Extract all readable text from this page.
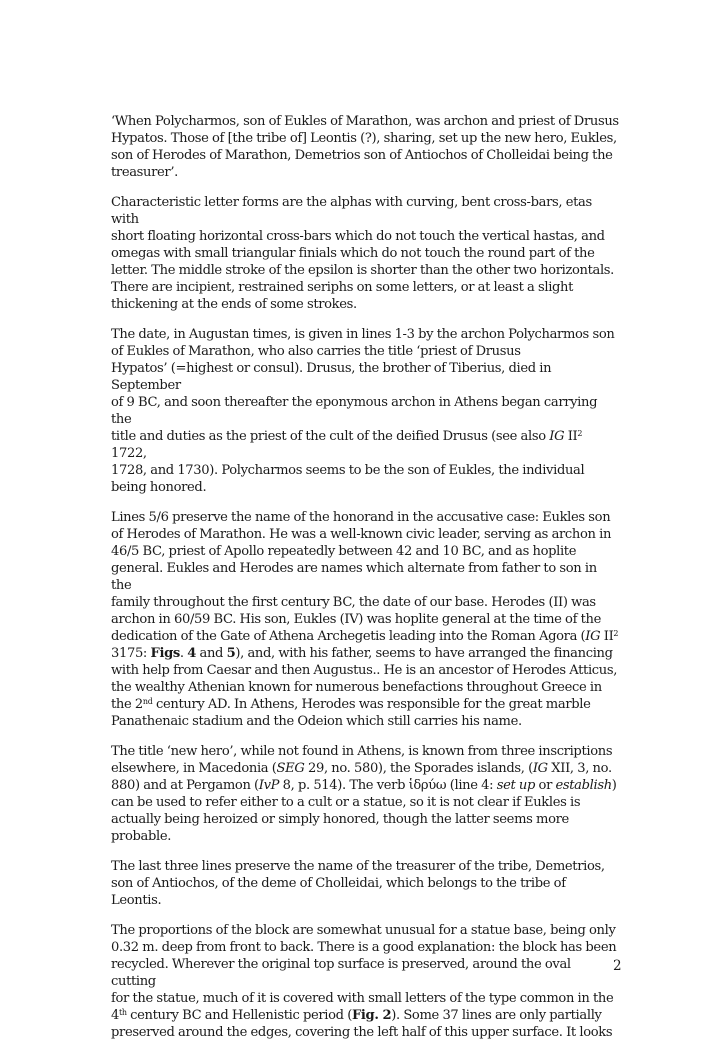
‘When Polycharmos, son of Eukles of Marathon, was archon and priest of Drusus
Hypatos. Those of [the tribe of] Leontis (?), sharing, set up the new hero, Eukles,
son of Herodes of Marathon, Demetrios son of Antiochos of Cholleidai being the
treasurer’.

Characteristic letter forms are the alphas with curving, bent cross-bars, etas with
short floating horizontal cross-bars which do not touch the vertical hastas, and
omegas with small triangular finials which do not touch the round part of the
letter. The middle stroke of the epsilon is shorter than the other two horizontals.
There are incipient, restrained seriphs on some letters, or at least a slight
thickening at the ends of some strokes.

The date, in Augustan times, is given in lines 1-3 by the archon Polycharmos son
of Eukles of Marathon, who also carries the title ‘priest of Drusus
Hypatos’ (=highest or consul). Drusus, the brother of Tiberius, died in September
of 9 BC, and soon thereafter the eponymous archon in Athens began carrying the
title and duties as the priest of the cult of the deified Drusus (see also IG $II^2$ 1722,
1728, and 1730). Polycharmos seems to be the son of Eukles, the individual
being honored.

Lines 5/6 preserve the name of the honorand in the accusative case: Eukles son
of Herodes of Marathon. He was a well-known civic leader, serving as archon in
46/5 BC, priest of Apollo repeatedly between 42 and 10 BC, and as hoplite
general. Eukles and Herodes are names which alternate from father to son in the
family throughout the first century BC, the date of our base. Herodes (II) was
archon in 60/59 BC. His son, Eukles (IV) was hoplite general at the time of the
dedication of the Gate of Athena Archegetis leading into the Roman Agora (IG $II^2$
3175: Figs. 4 and 5), and, with his father, seems to have arranged the financing
with help from Caesar and then Augustus.. He is an ancestor of Herodes Atticus,
the wealthy Athenian known for numerous benefactions throughout Greece in
the 2nd century AD. In Athens, Herodes was responsible for the great marble
Panathenaic stadium and the Odeion which still carries his name.

The title ‘new hero’, while not found in Athens, is known from three inscriptions
elsewhere, in Macedonia (SEG 29, no. 580), the Sporades islands, (IG XII, 3, no.
880) and at Pergamon (IvP 8, p. 514). The verb ἱδρύω (line 4: set up or establish)
can be used to refer either to a cult or a statue, so it is not clear if Eukles is
actually being heroized or simply honored, though the latter seems more
probable.

The last three lines preserve the name of the treasurer of the tribe, Demetrios,
son of Antiochos, of the deme of Cholleidai, which belongs to the tribe of Leontis.

The proportions of the block are somewhat unusual for a statue base, being only
0.32 m. deep from front to back. There is a good explanation: the block has been
recycled. Wherever the original top surface is preserved, around the oval cutting
for the statue, much of it is covered with small letters of the type common in the
4th century BC and Hellenistic period (Fig. 2). Some 37 lines are only partially
preserved around the edges, covering the left half of this upper surface. It looks

2
